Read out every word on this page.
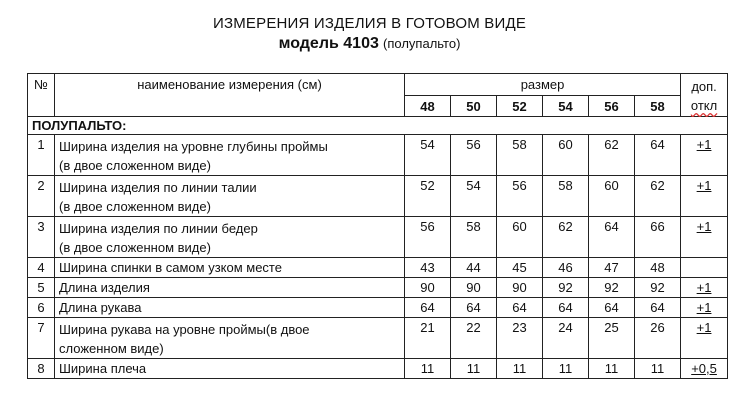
ИЗМЕРЕНИЯ ИЗДЕЛИЯ В ГОТОВОМ ВИДЕ
модель 4103 (полупальто)
№	наименование измерения (см)	размер						доп.
откл
		48	50	52	54	56	58	
ПОЛУПАЛЬТО:								
1	Ширина изделия на уровне глубины проймы
(в двое сложенном виде)	54	56	58	60	62	64	+1
2	Ширина изделия по линии талии
(в двое сложенном виде)	52	54	56	58	60	62	+1
3	Ширина изделия по линии бедер
(в двое сложенном виде)	56	58	60	62	64	66	+1
4	Ширина спинки в самом узком месте	43	44	45	46	47	48	
5	Длина изделия	90	90	90	92	92	92	+1
6	Длина рукава	64	64	64	64	64	64	+1
7	Ширина рукава на уровне проймы(в двое
сложенном виде)	21	22	23	24	25	26	+1
8	Ширина плеча	11	11	11	11	11	11	+0,5
